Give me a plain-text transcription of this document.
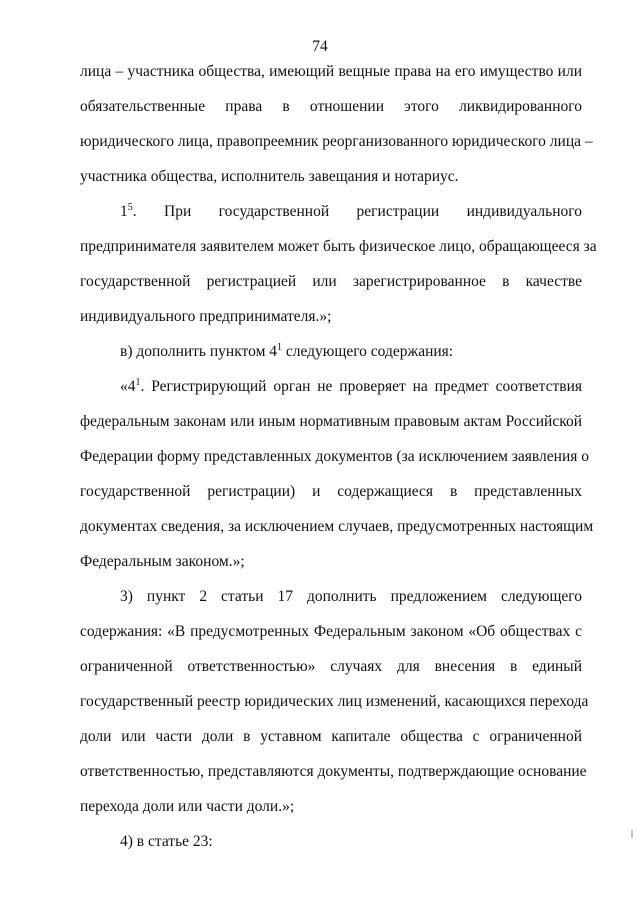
74
лица – участника общества, имеющий вещные права на его имущество или
обязательственные права в отношении этого ликвидированного
юридического лица, правопреемник реорганизованного юридического лица –
участника общества, исполнитель завещания и нотариус.
$1^5$. При государственной регистрации индивидуального
предпринимателя заявителем может быть физическое лицо, обращающееся за
государственной регистрацией или зарегистрированное в качестве
индивидуального предпринимателя.»;
в) дополнить пунктом $4^1$ следующего содержания:
«$4^1$. Регистрирующий орган не проверяет на предмет соответствия
федеральным законам или иным нормативным правовым актам Российской
Федерации форму представленных документов (за исключением заявления о
государственной регистрации) и содержащиеся в представленных
документах сведения, за исключением случаев, предусмотренных настоящим
Федеральным законом.»;
3) пункт 2 статьи 17 дополнить предложением следующего
содержания: «В предусмотренных Федеральным законом «Об обществах с
ограниченной ответственностью» случаях для внесения в единый
государственный реестр юридических лиц изменений, касающихся перехода
доли или части доли в уставном капитале общества с ограниченной
ответственностью, представляются документы, подтверждающие основание
перехода доли или части доли.»;
4) в статье 23:
